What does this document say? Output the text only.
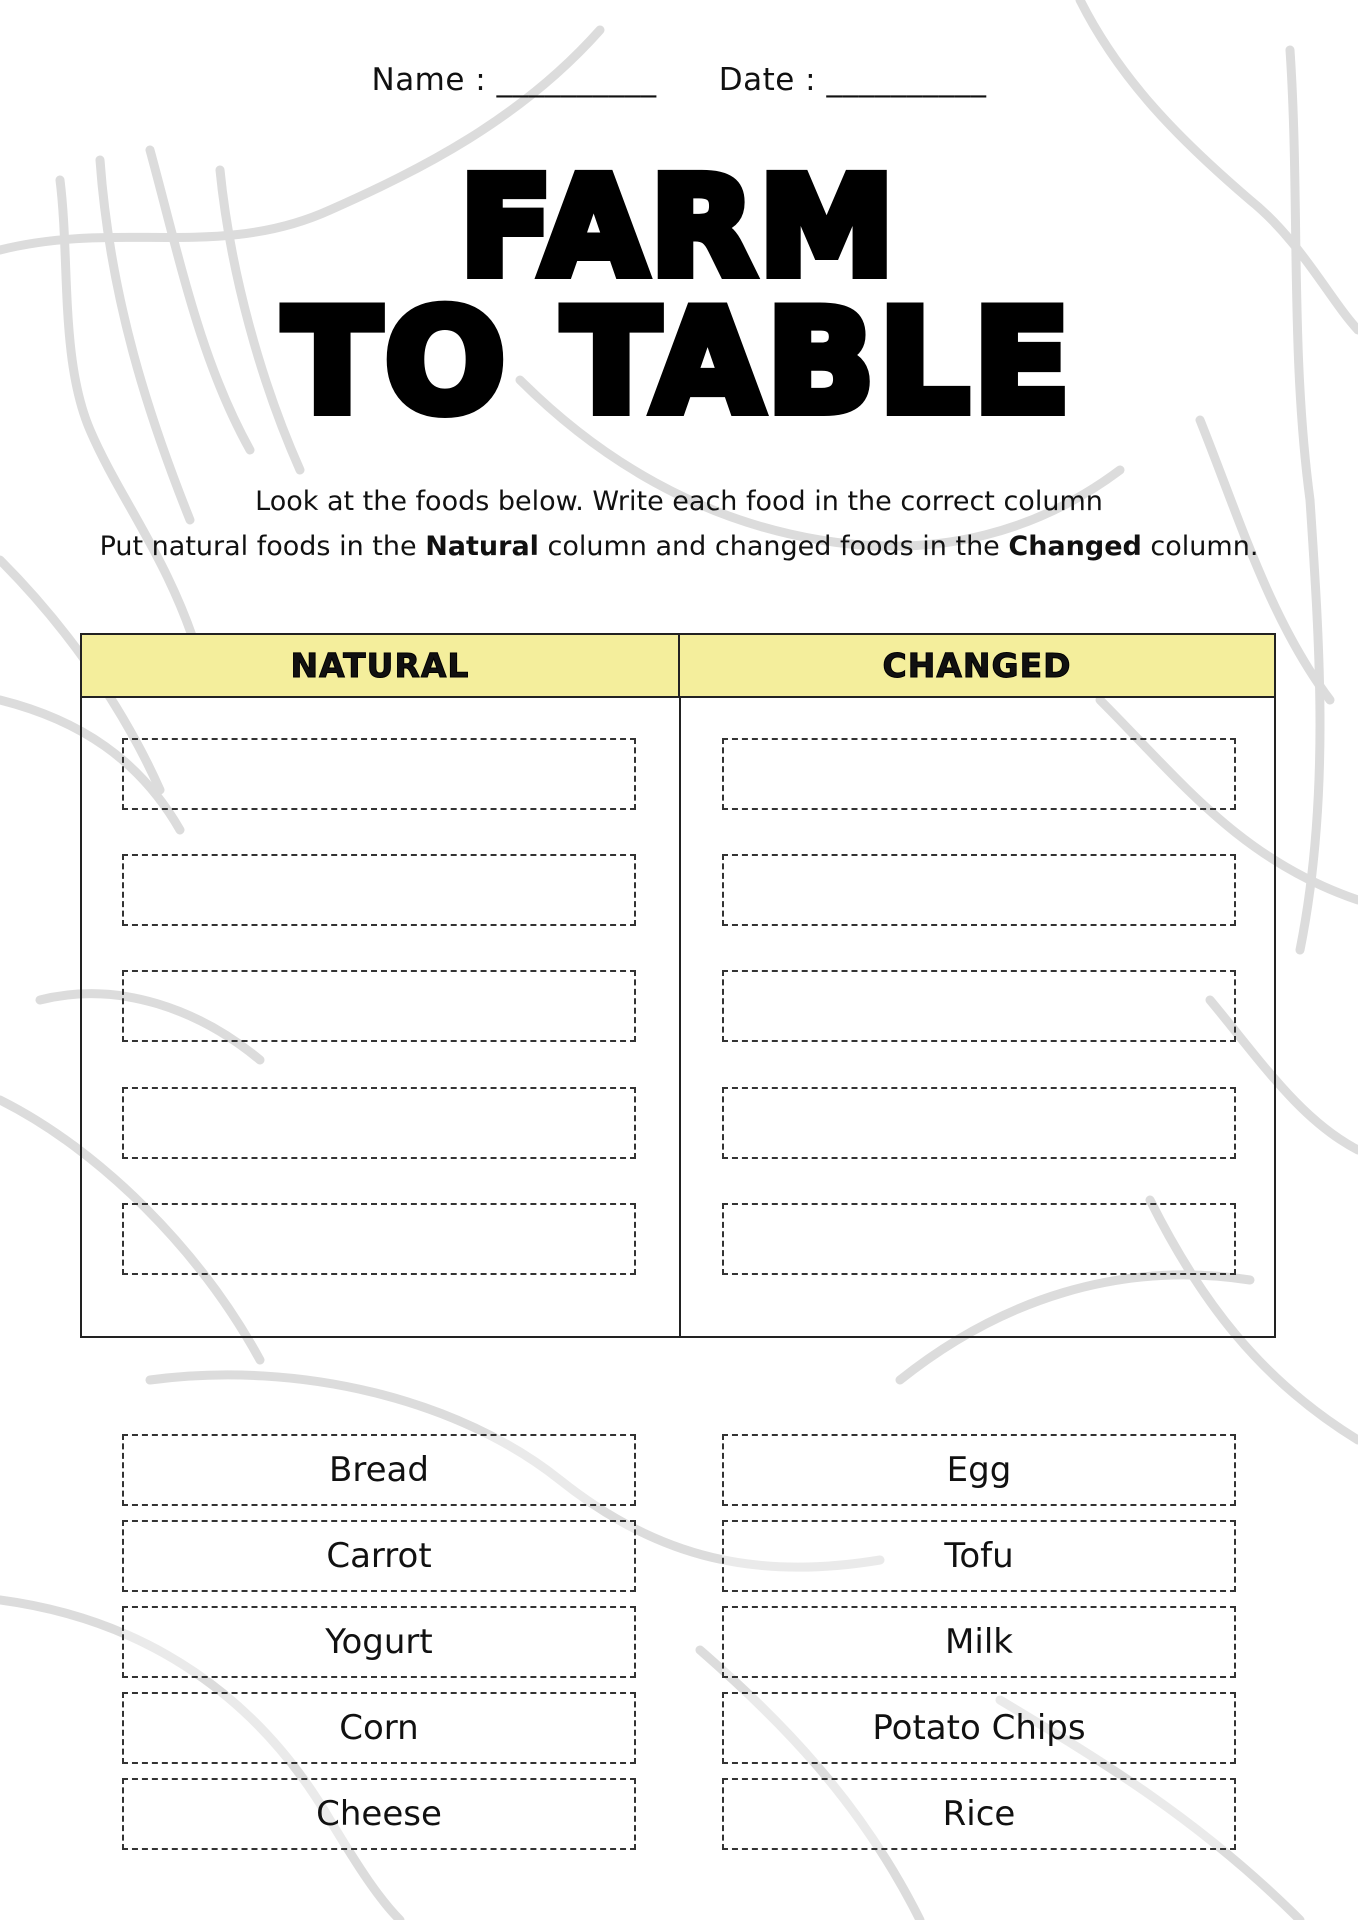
Name : __________ Date : __________
FARM
TO TABLE
Look at the foods below. Write each food in the correct column
Put natural foods in the Natural column and changed foods in the Changed column.
NATURAL	CHANGED
Bread
Carrot
Yogurt
Corn
Cheese
Egg
Tofu
Milk
Potato Chips
Rice
